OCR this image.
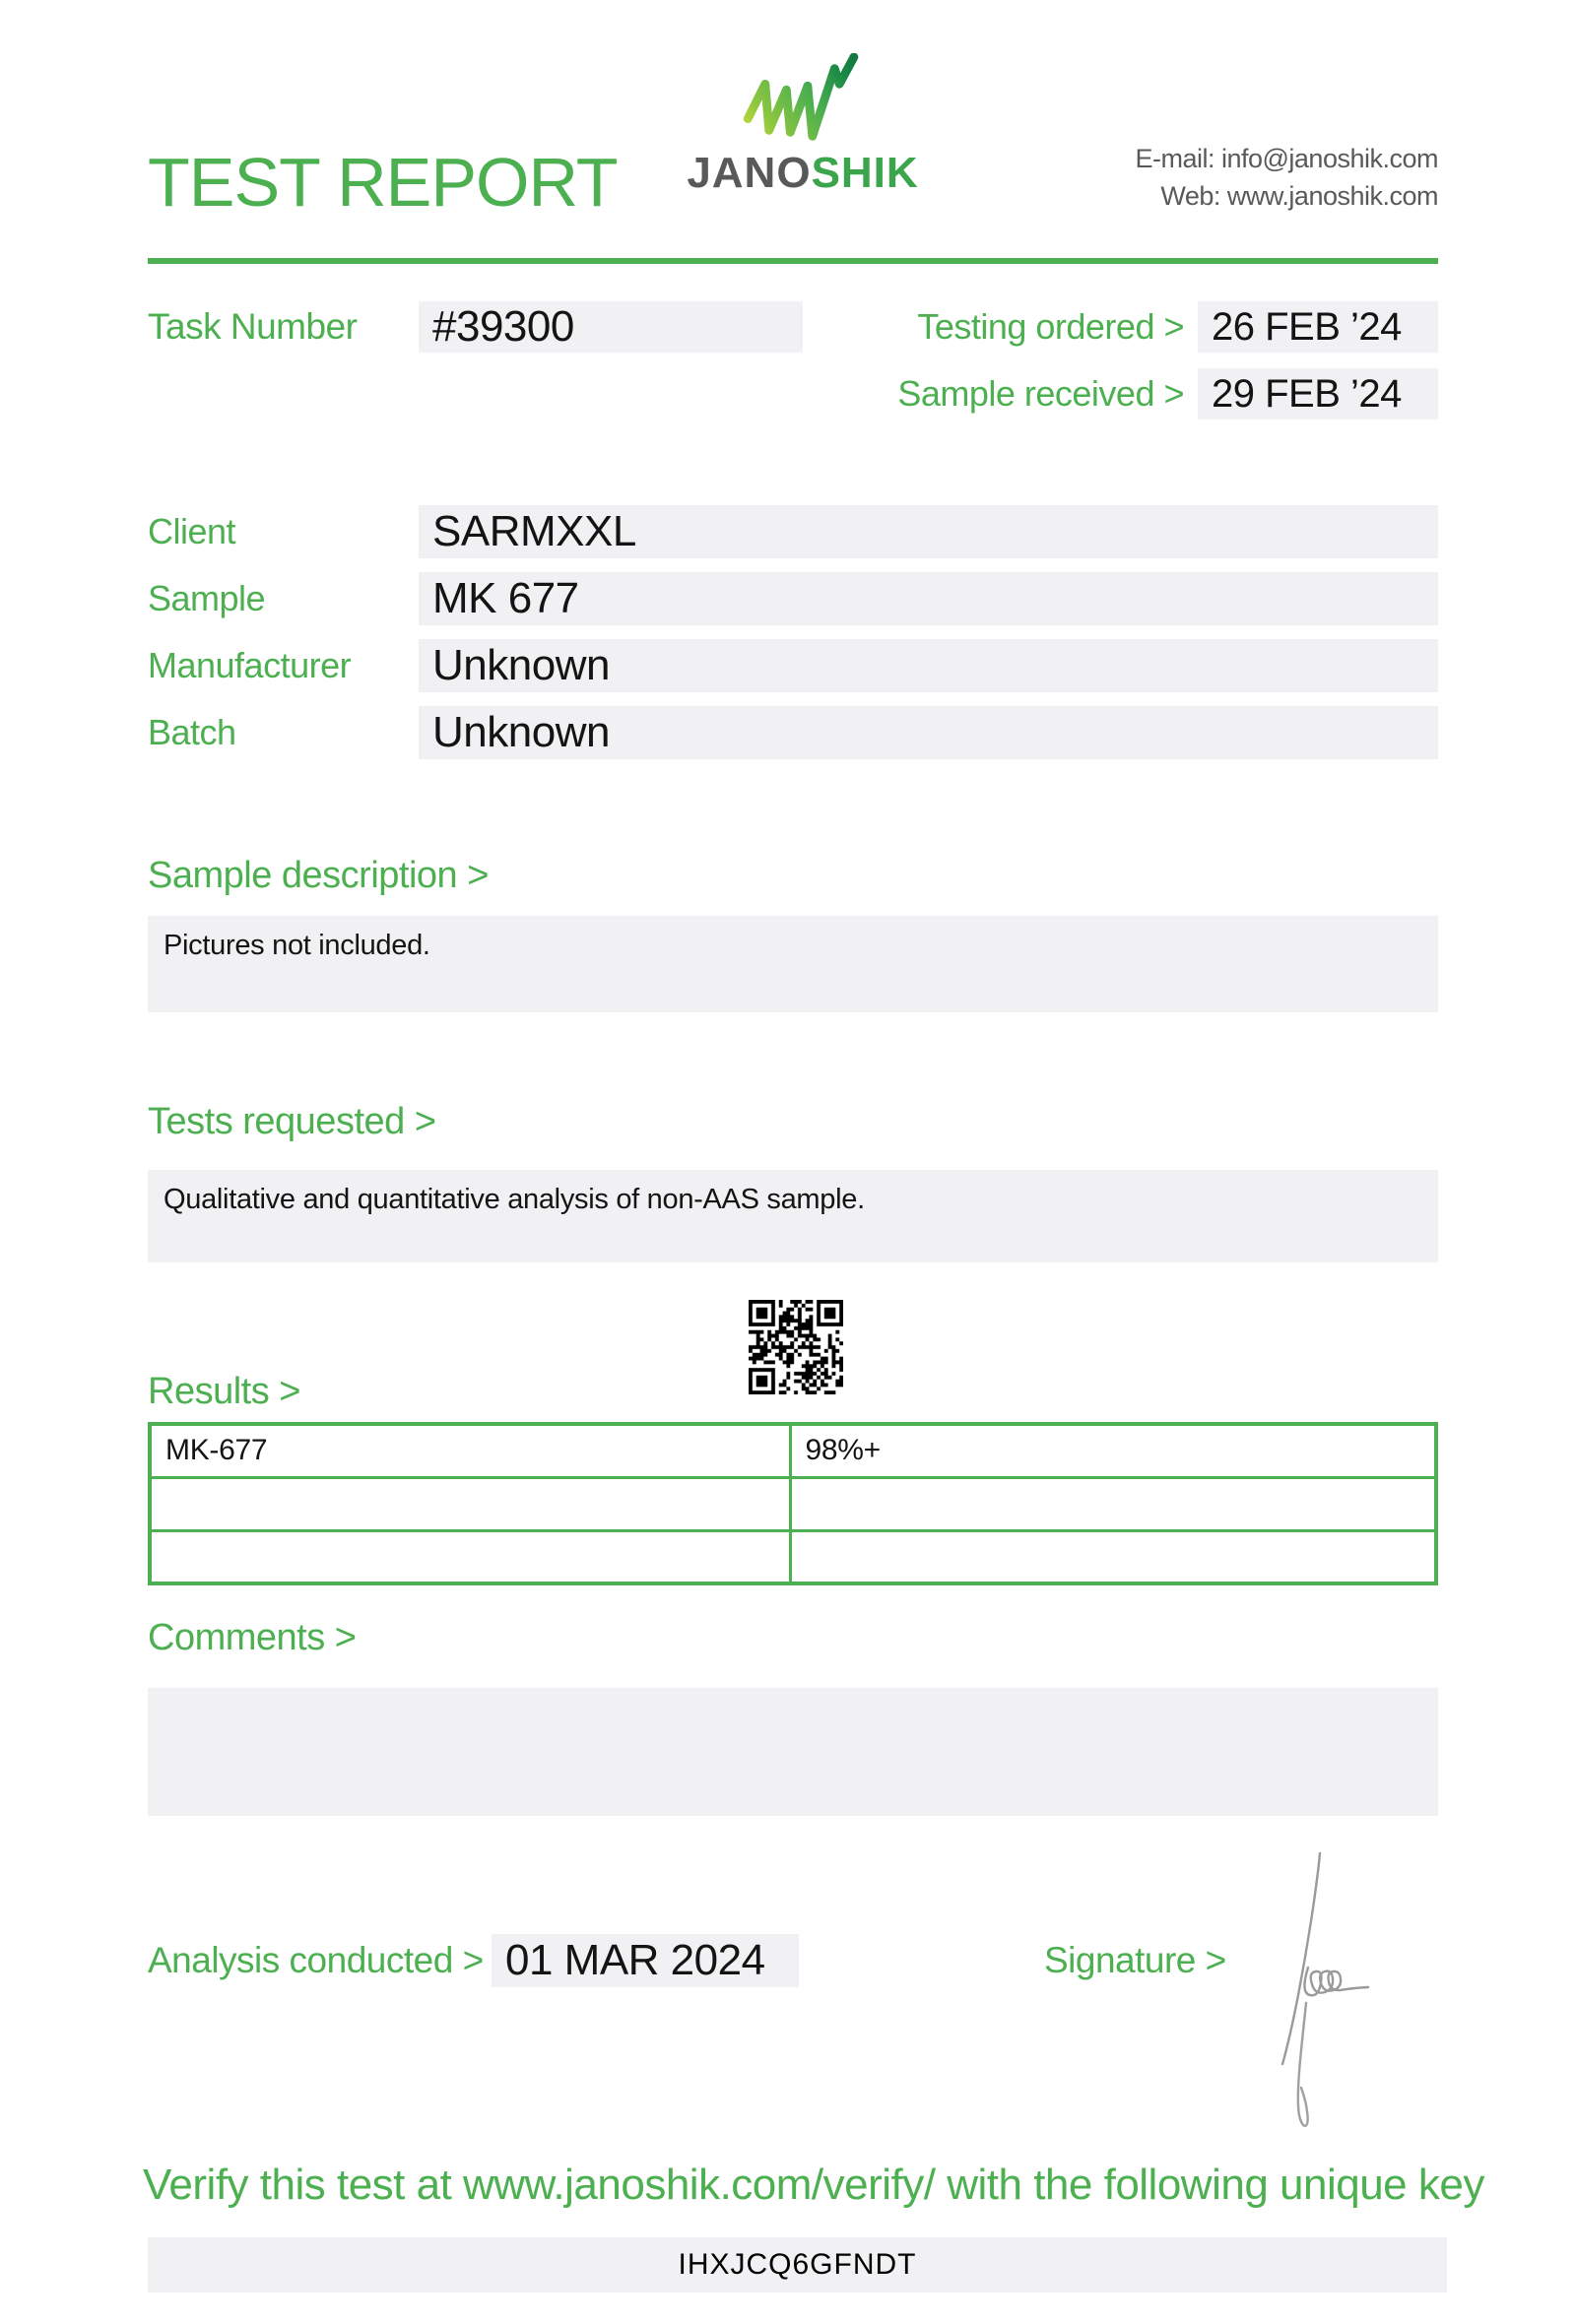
TEST REPORT JANOSHIK	E-mail: info@janoshik.com
Web: www.janoshik.com
Task Number	#39300	Testing ordered > 26 FEB ’24
Sample received > 29 FEB ’24
Client	SARMXXL
Sample	MK 677
Manufacturer	Unknown
Batch	Unknown
Sample description >
Pictures not included.
Tests requested >
Qualitative and quantitative analysis of non-AAS sample.
Results >
MK-677	98%+

Comments >
Analysis conducted > 01 MAR 2024	Signature >
Verify this test at www.janoshik.com/verify/ with the following unique key
IHXJCQ6GFNDT
